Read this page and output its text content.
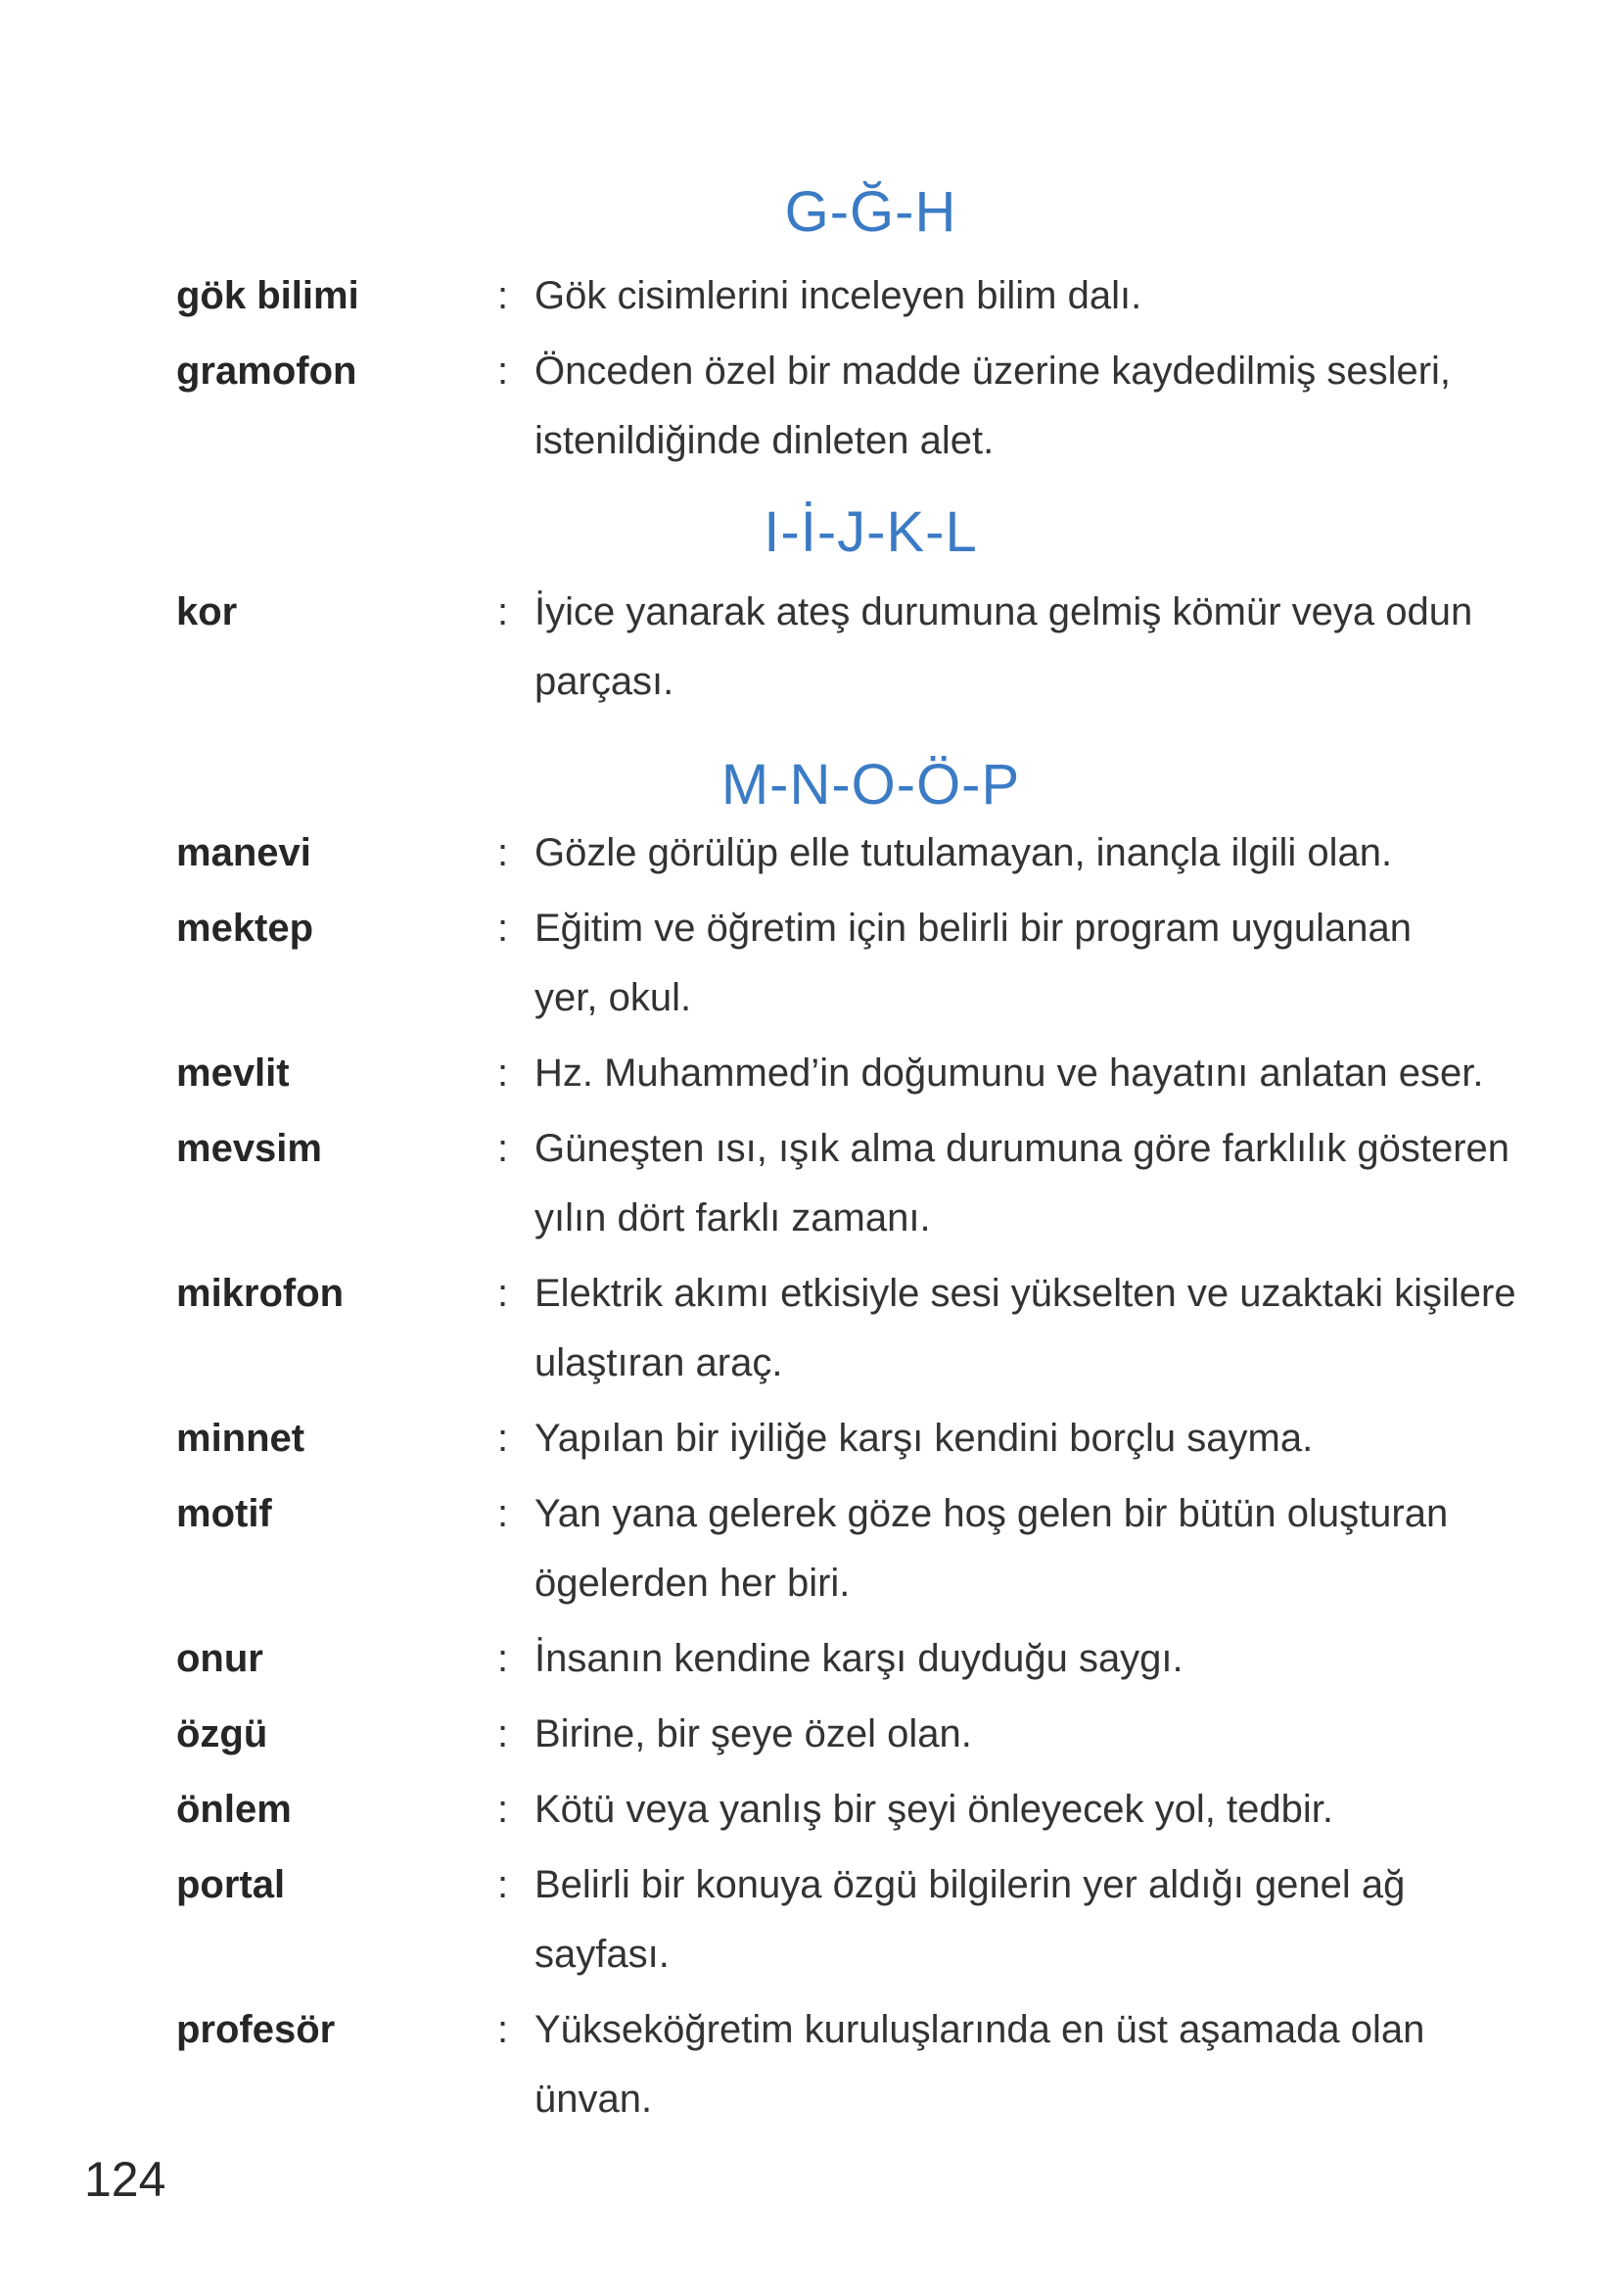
G-Ğ-H
gök bilimi	: Gök cisimlerini inceleyen bilim dalı.
gramofon	: Önceden özel bir madde üzerine kaydedilmiş sesleri,
istenildiğinde dinleten alet.
I-İ-J-K-L
kor	: İyice yanarak ateş durumuna gelmiş kömür veya odun
parçası.
M-N-O-Ö-P
manevi	: Gözle görülüp elle tutulamayan, inançla ilgili olan.
mektep	: Eğitim ve öğretim için belirli bir program uygulanan
yer, okul.
mevlit	: Hz. Muhammed’in doğumunu ve hayatını anlatan eser.
mevsim	: Güneşten ısı, ışık alma durumuna göre farklılık gösteren
yılın dört farklı zamanı.
mikrofon	: Elektrik akımı etkisiyle sesi yükselten ve uzaktaki kişilere
ulaştıran araç.
minnet	: Yapılan bir iyiliğe karşı kendini borçlu sayma.
motif	: Yan yana gelerek göze hoş gelen bir bütün oluşturan
ögelerden her biri.
onur	: İnsanın kendine karşı duyduğu saygı.
özgü	: Birine, bir şeye özel olan.
önlem	: Kötü veya yanlış bir şeyi önleyecek yol, tedbir.
portal	: Belirli bir konuya özgü bilgilerin yer aldığı genel ağ
sayfası.
profesör	: Yükseköğretim kuruluşlarında en üst aşamada olan
ünvan.
124
